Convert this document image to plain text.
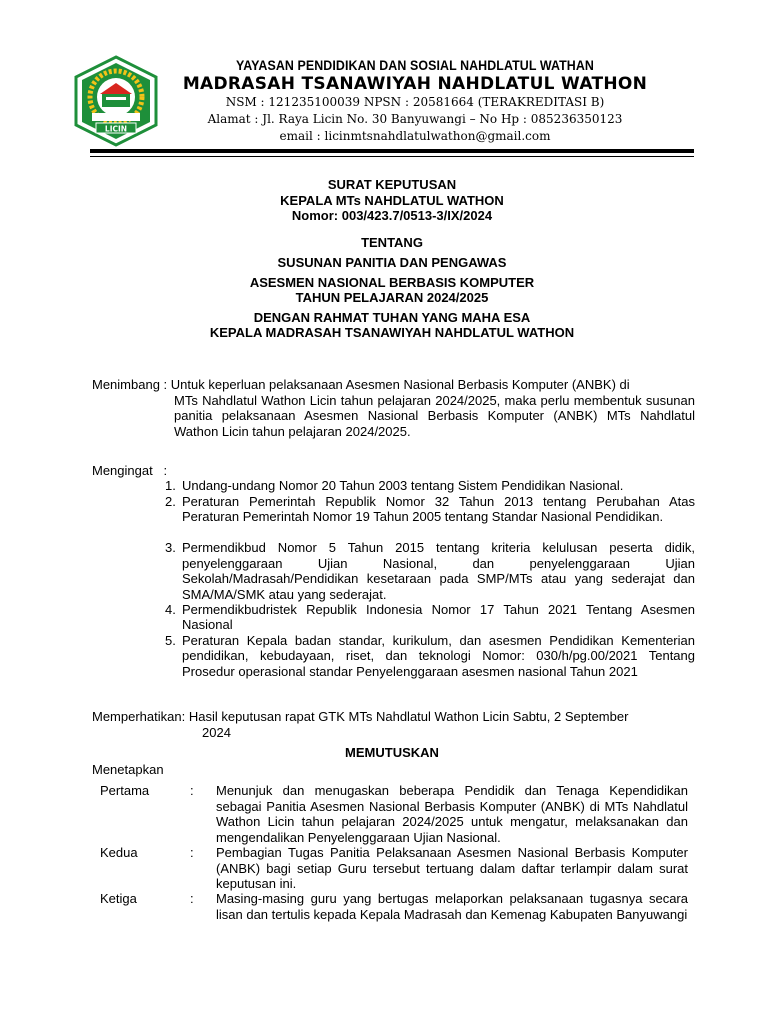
LICIN
YAYASAN PENDIDIKAN DAN SOSIAL NAHDLATUL WATHAN
MADRASAH TSANAWIYAH NAHDLATUL WATHON
NSM : 121235100039 NPSN : 20581664 (TERAKREDITASI B)
Alamat : Jl. Raya Licin No. 30 Banyuwangi – No Hp : 085236350123
email : licinmtsnahdlatulwathon@gmail.com
SURAT KEPUTUSAN
KEPALA MTs NAHDLATUL WATHON
Nomor: 003/423.7/0513-3/IX/2024
TENTANG
SUSUNAN PANITIA DAN PENGAWAS
ASESMEN NASIONAL BERBASIS KOMPUTER
TAHUN PELAJARAN 2024/2025
DENGAN RAHMAT TUHAN YANG MAHA ESA
KEPALA MADRASAH TSANAWIYAH NAHDLATUL WATHON
Menimbang : Untuk keperluan pelaksanaan Asesmen Nasional Berbasis Komputer (ANBK) di
MTs Nahdlatul Wathon Licin tahun pelajaran 2024/2025, maka perlu membentuk susunan panitia pelaksanaan Asesmen Nasional Berbasis Komputer (ANBK) MTs Nahdlatul Wathon Licin tahun pelajaran 2024/2025.
Mengingat   :
1. Undang-undang Nomor 20 Tahun 2003 tentang Sistem Pendidikan Nasional.
2. Peraturan Pemerintah Republik Nomor 32 Tahun 2013 tentang Perubahan Atas Peraturan Pemerintah Nomor 19 Tahun 2005 tentang Standar Nasional Pendidikan.
3. Permendikbud Nomor 5 Tahun 2015 tentang kriteria kelulusan peserta didik, penyelenggaraan Ujian Nasional, dan penyelenggaraan Ujian Sekolah/Madrasah/Pendidikan kesetaraan pada SMP/MTs atau yang sederajat dan SMA/MA/SMK atau yang sederajat.
4. Permendikbudristek Republik Indonesia Nomor 17 Tahun 2021 Tentang Asesmen Nasional
5. Peraturan Kepala badan standar, kurikulum, dan asesmen Pendidikan Kementerian pendidikan, kebudayaan, riset, dan teknologi Nomor: 030/h/pg.00/2021 Tentang Prosedur operasional standar Penyelenggaraan asesmen nasional Tahun 2021
Memperhatikan: Hasil keputusan rapat GTK MTs Nahdlatul Wathon Licin Sabtu, 2 September
2024
MEMUTUSKAN
Menetapkan
Pertama	: Menunjuk dan menugaskan beberapa Pendidik dan Tenaga Kependidikan sebagai Panitia Asesmen Nasional Berbasis Komputer (ANBK) di MTs Nahdlatul Wathon Licin tahun pelajaran 2024/2025 untuk mengatur, melaksanakan dan mengendalikan Penyelenggaraan Ujian Nasional.
Kedua	: Pembagian Tugas Panitia Pelaksanaan Asesmen Nasional Berbasis Komputer (ANBK) bagi setiap Guru tersebut tertuang dalam daftar terlampir dalam surat keputusan ini.
Ketiga	: Masing-masing guru yang bertugas melaporkan pelaksanaan tugasnya secara lisan dan tertulis kepada Kepala Madrasah dan Kemenag Kabupaten Banyuwangi
